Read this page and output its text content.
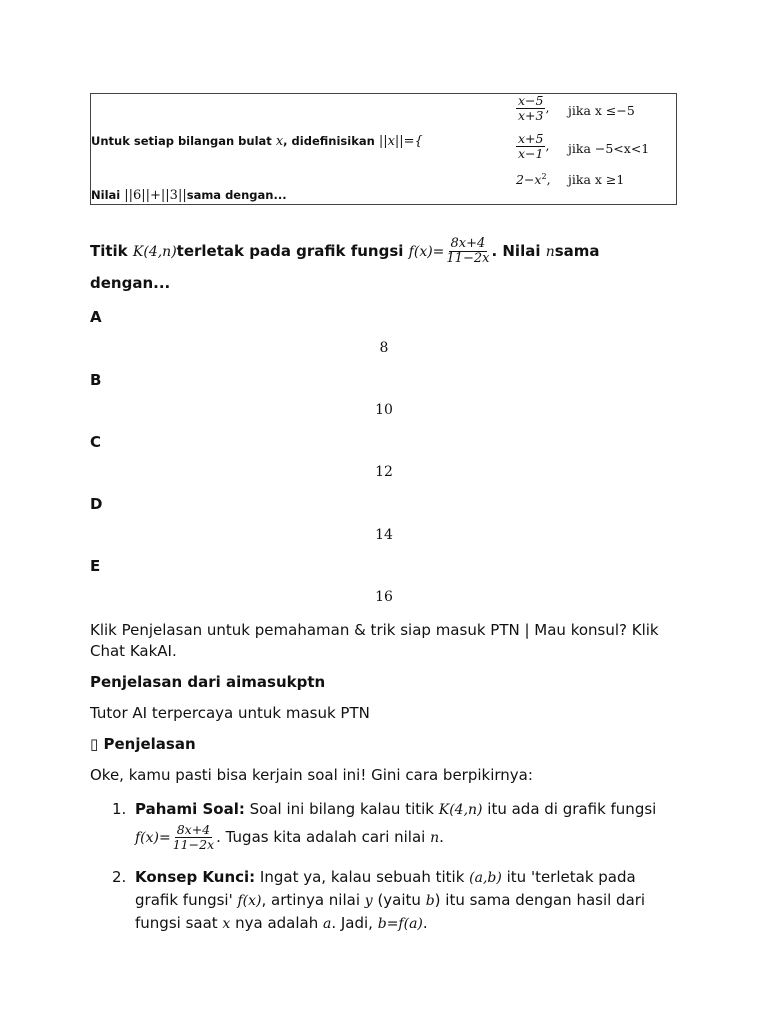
Untuk setiap bilangan bulat x, didefinisikan ||x||={
$\frac{x-5}{x+3}$ , jika x ≤−5
$\frac{x+5}{x-1}$ , jika −5<x<1
$2-x^2$, jika x ≥1
Nilai ||6||+||3||sama dengan...
Titik K(4,n)terletak pada grafik fungsi $f(x)= \frac{8x+4}{11-2x}$ . Nilai nsama dengan...
A
8
B
10
C
12
D
14
E
16
Klik Penjelasan untuk pemahaman & trik siap masuk PTN | Mau konsul? Klik Chat KakAI.
Penjelasan dari aimasukptn
Tutor AI terpercaya untuk masuk PTN
▯ Penjelasan
Oke, kamu pasti bisa kerjain soal ini! Gini cara berpikirnya:
1. Pahami Soal: Soal ini bilang kalau titik K(4,n) itu ada di grafik fungsi $f(x)= \frac{8x+4}{11-2x}$ . Tugas kita adalah cari nilai n.
2. Konsep Kunci: Ingat ya, kalau sebuah titik (a,b) itu 'terletak pada grafik fungsi' f(x), artinya nilai y (yaitu b) itu sama dengan hasil dari fungsi saat x nya adalah a. Jadi, b=f(a).
